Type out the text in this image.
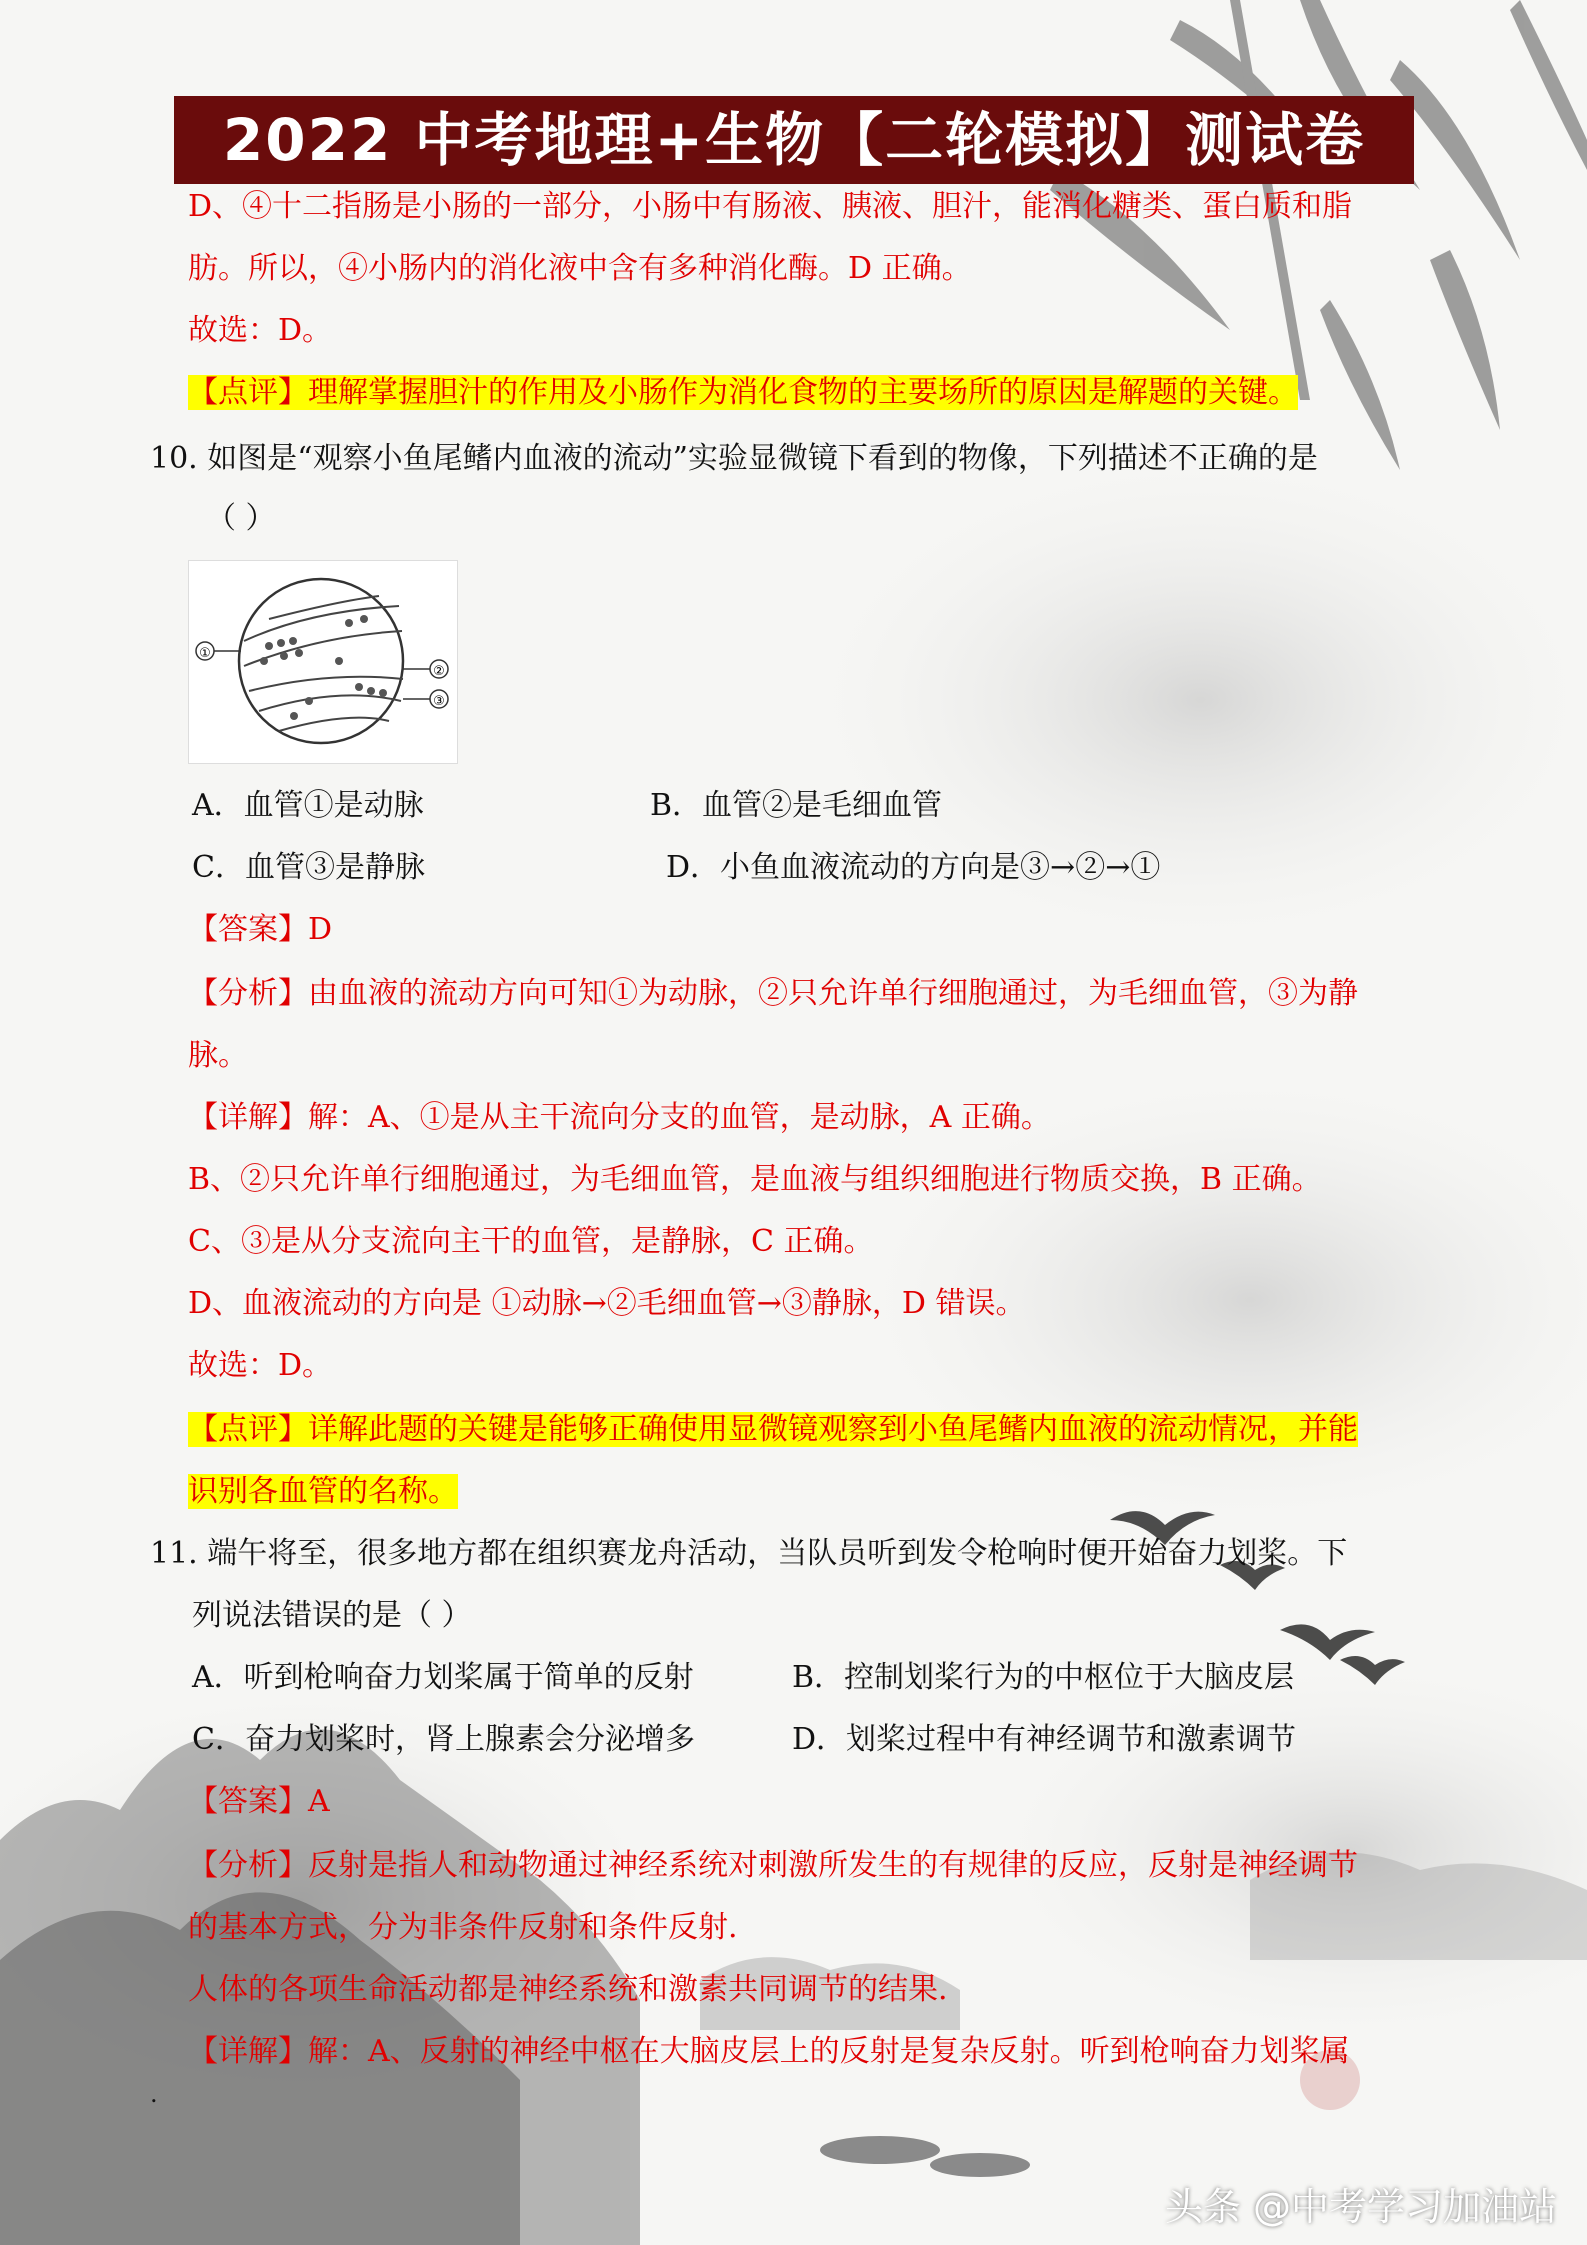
2022 中考地理+生物【二轮模拟】测试卷
D、④十二指肠是小肠的一部分，小肠中有肠液、胰液、胆汁，能消化糖类、蛋白质和脂
肪。所以，④小肠内的消化液中含有多种消化酶。D 正确。
故选：D。
【点评】理解掌握胆汁的作用及小肠作为消化食物的主要场所的原因是解题的关键。
10. 如图是“观察小鱼尾鳍内血液的流动”实验显微镜下看到的物像，下列描述不正确的是
（ ）
①
②
③
A．血管①是动脉	B．血管②是毛细血管
C．血管③是静脉	D．小鱼血液流动的方向是③→②→①
【答案】D
【分析】由血液的流动方向可知①为动脉，②只允许单行细胞通过，为毛细血管，③为静
脉。
【详解】解：A、①是从主干流向分支的血管，是动脉，A 正确。
B、②只允许单行细胞通过，为毛细血管，是血液与组织细胞进行物质交换，B 正确。
C、③是从分支流向主干的血管，是静脉，C 正确。
D、血液流动的方向是 ①动脉→②毛细血管→③静脉，D 错误。
故选：D。
【点评】详解此题的关键是能够正确使用显微镜观察到小鱼尾鳍内血液的流动情况，并能
识别各血管的名称。
11. 端午将至，很多地方都在组织赛龙舟活动，当队员听到发令枪响时便开始奋力划桨。下
列说法错误的是（ ）
A．听到枪响奋力划桨属于简单的反射	B．控制划桨行为的中枢位于大脑皮层
C．奋力划桨时，肾上腺素会分泌增多	D．划桨过程中有神经调节和激素调节
【答案】A
【分析】反射是指人和动物通过神经系统对刺激所发生的有规律的反应，反射是神经调节
的基本方式，分为非条件反射和条件反射.
人体的各项生命活动都是神经系统和激素共同调节的结果.
【详解】解：A、反射的神经中枢在大脑皮层上的反射是复杂反射。听到枪响奋力划桨属
.
头条 @中考学习加油站
